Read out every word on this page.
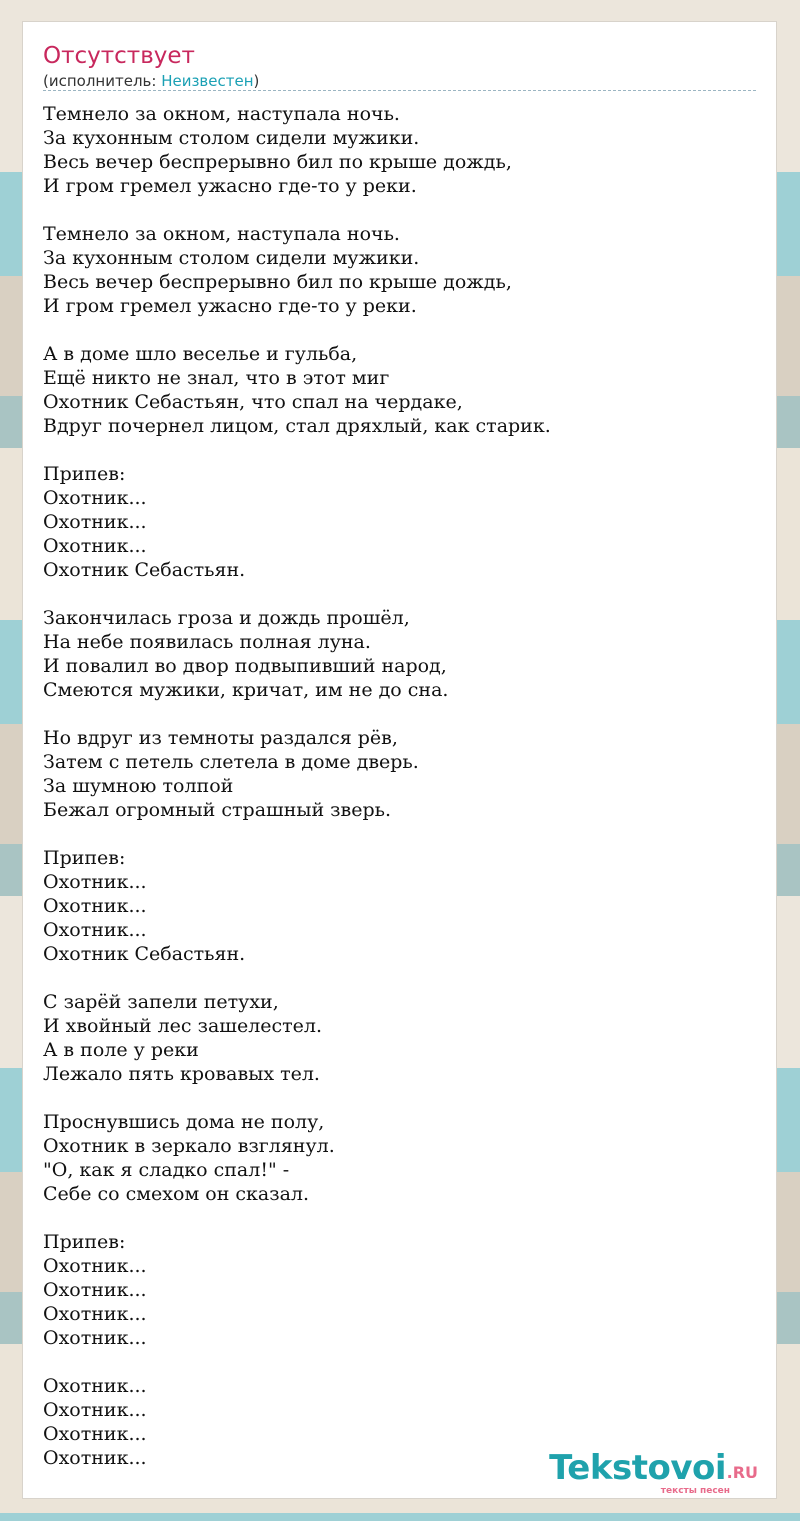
Отсутствует
(исполнитель: Неизвестен)
Темнело за окном, наступала ночь.
За кухонным столом сидели мужики.
Весь вечер беспрерывно бил по крыше дождь,
И гром гремел ужасно где-то у реки.
Темнело за окном, наступала ночь.
За кухонным столом сидели мужики.
Весь вечер беспрерывно бил по крыше дождь,
И гром гремел ужасно где-то у реки.
А в доме шло веселье и гульба,
Ещё никто не знал, что в этот миг
Охотник Себастьян, что спал на чердаке,
Вдруг почернел лицом, стал дряхлый, как старик.
Припев:
Охотник...
Охотник...
Охотник...
Охотник Себастьян.
Закончилась гроза и дождь прошёл,
На небе появилась полная луна.
И повалил во двор подвыпивший народ,
Смеются мужики, кричат, им не до сна.
Но вдруг из темноты раздался рёв,
Затем с петель слетела в доме дверь.
За шумною толпой
Бежал огромный страшный зверь.
Припев:
Охотник...
Охотник...
Охотник...
Охотник Себастьян.
С зарёй запели петухи,
И хвойный лес зашелестел.
А в поле у реки
Лежало пять кровавых тел.
Проснувшись дома не полу,
Охотник в зеркало взглянул.
"О, как я сладко спал!" -
Себе со смехом он сказал.
Припев:
Охотник...
Охотник...
Охотник...
Охотник...
Охотник...
Охотник...
Охотник...
Охотник...	Tekstovoi .RU
тексты песен
